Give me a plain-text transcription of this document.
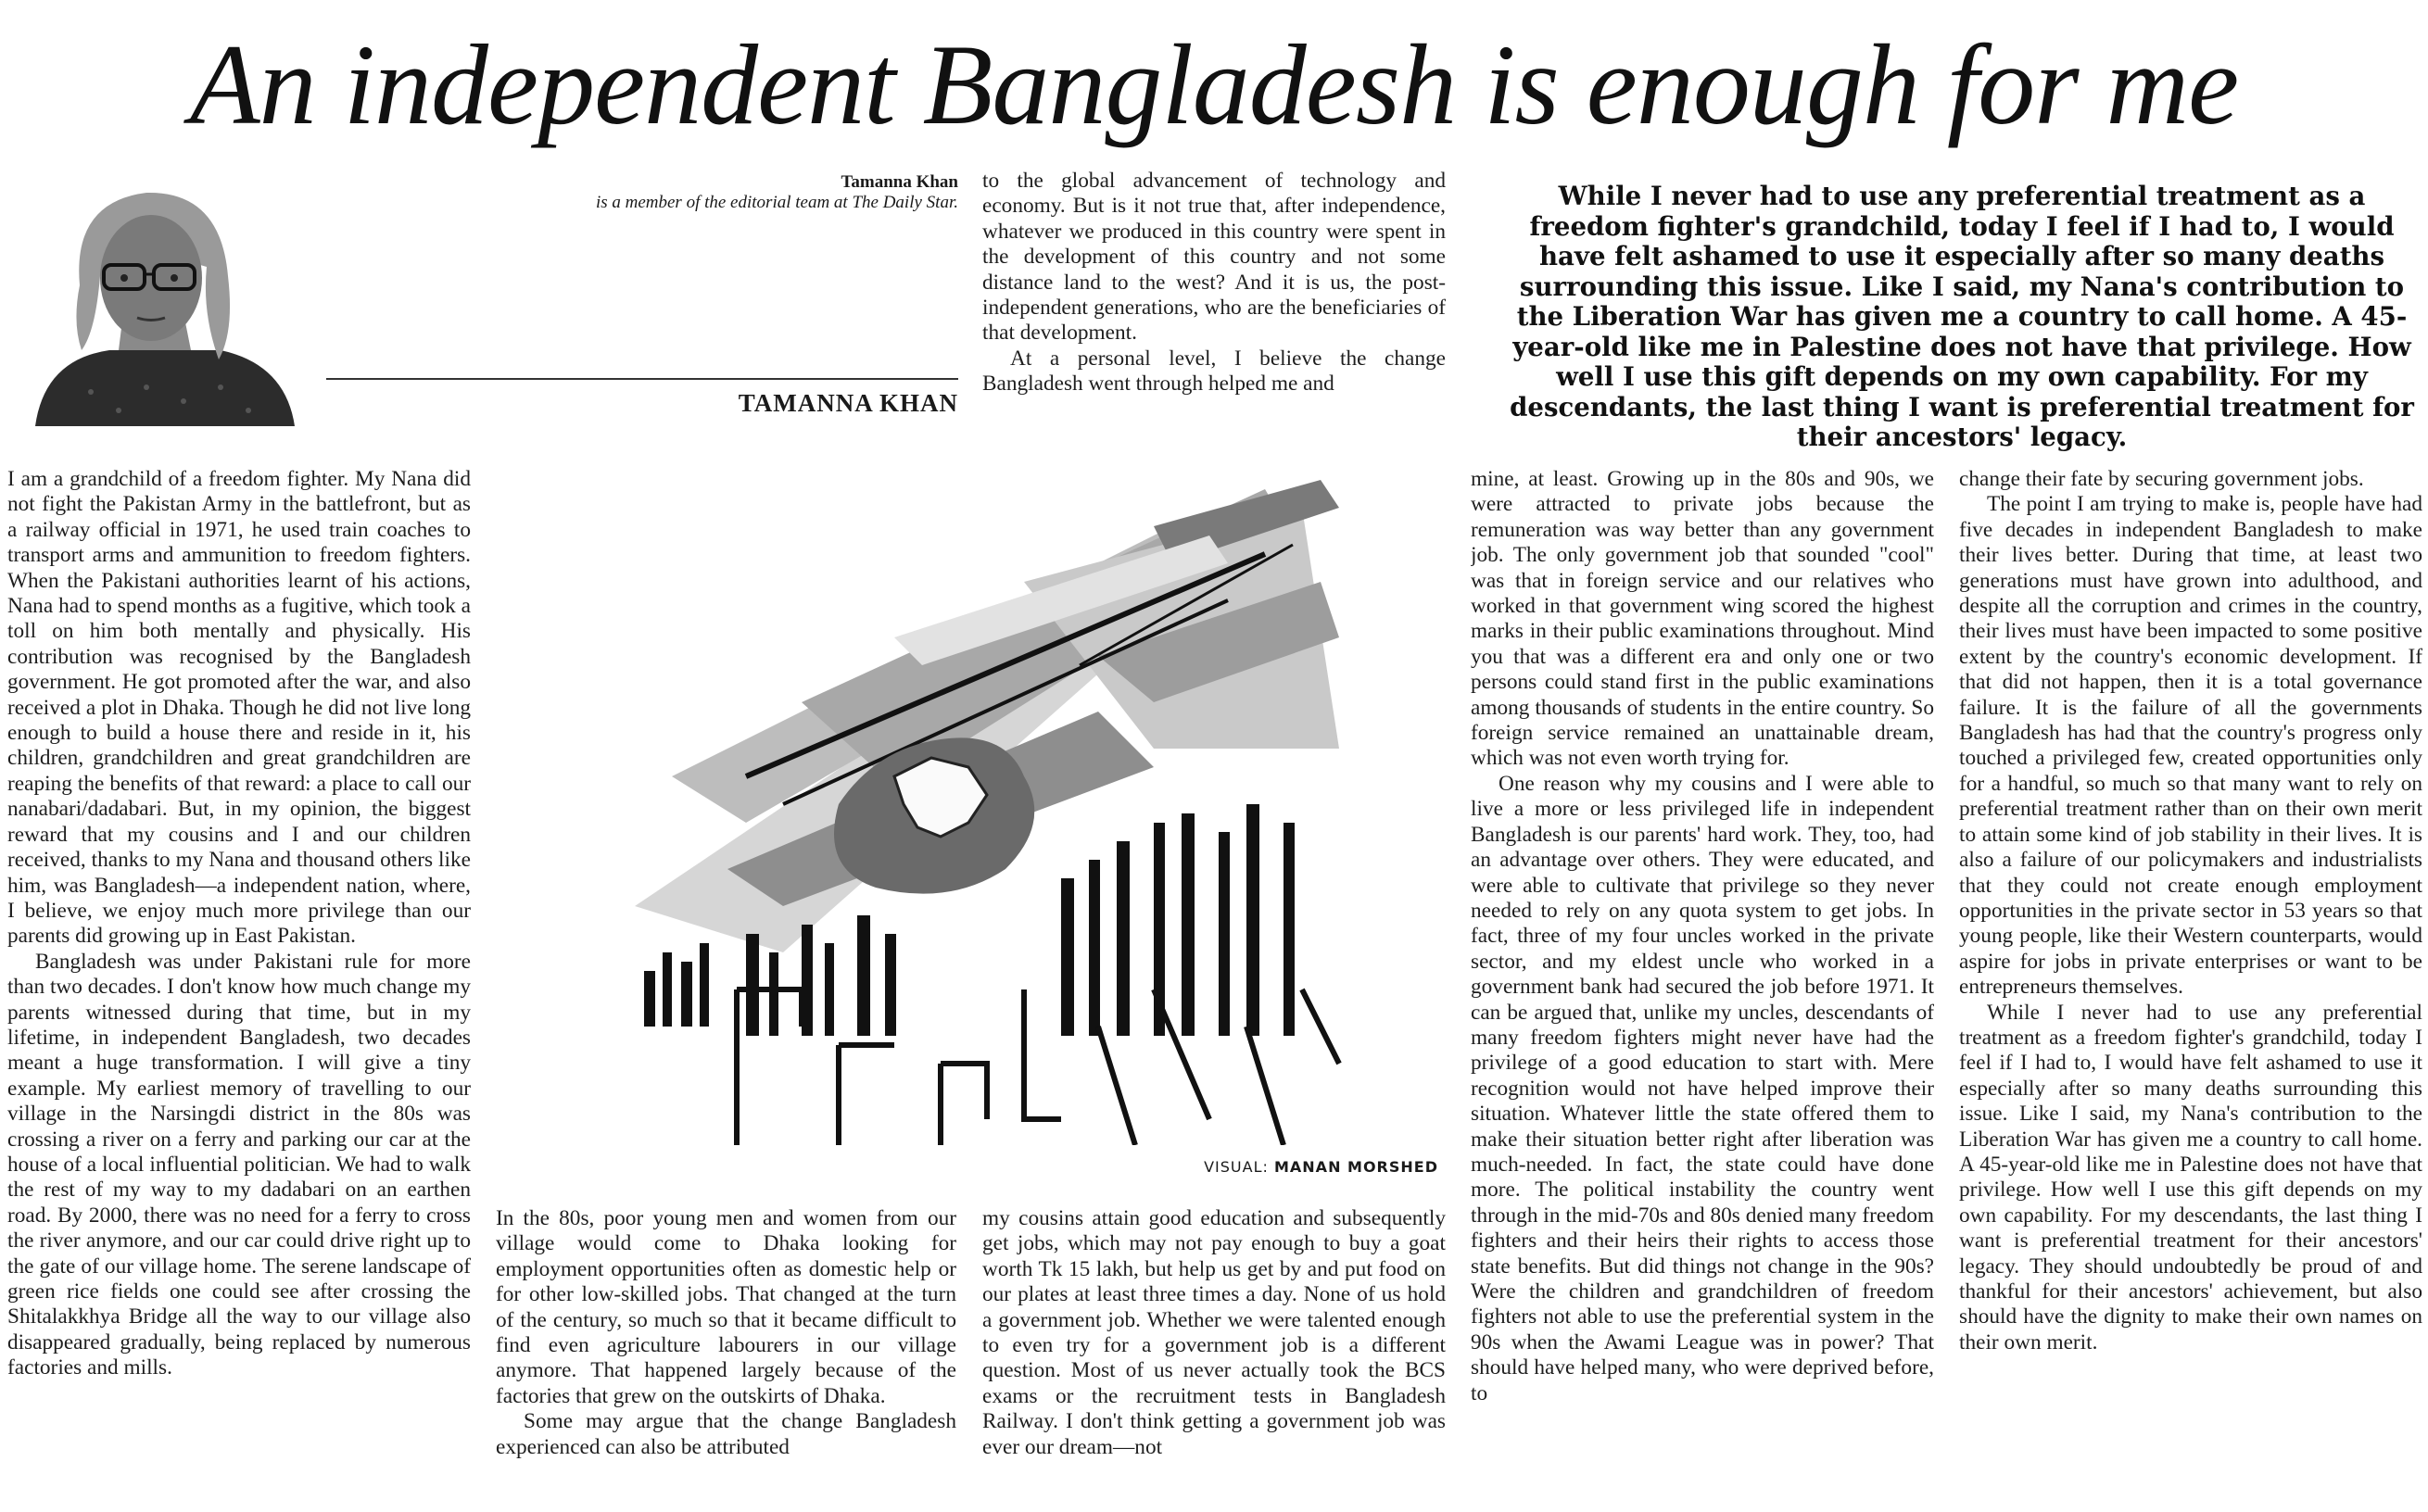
An independent Bangladesh is enough for me
Tamanna Khan
is a member of the editorial team at The Daily Star.
TAMANNA KHAN
While I never had to use any preferential treatment as a freedom fighter's grandchild, today I feel if I had to, I would have felt ashamed to use it especially after so many deaths surrounding this issue. Like I said, my Nana's contribution to the Liberation War has given me a country to call home. A 45-year-old like me in Palestine does not have that privilege. How well I use this gift depends on my own capability. For my descendants, the last thing I want is preferential treatment for their ancestors' legacy.

I am a grandchild of a freedom fighter. My Nana did not fight the Pakistan Army in the battlefront, but as a railway official in 1971, he used train coaches to transport arms and ammunition to freedom fighters. When the Pakistani authorities learnt of his actions, Nana had to spend months as a fugitive, which took a toll on him both mentally and physically. His contribution was recognised by the Bangladesh government. He got promoted after the war, and also received a plot in Dhaka. Though he did not live long enough to build a house there and reside in it, his children, grandchildren and great grandchildren are reaping the benefits of that reward: a place to call our nanabari/dadabari. But, in my opinion, the biggest reward that my cousins and I and our children received, thanks to my Nana and thousand others like him, was Bangladesh—a independent nation, where, I believe, we enjoy much more privilege than our parents did growing up in East Pakistan.

Bangladesh was under Pakistani rule for more than two decades. I don't know how much change my parents witnessed during that time, but in my lifetime, in independent Bangladesh, two decades meant a huge transformation. I will give a tiny example. My earliest memory of travelling to our village in the Narsingdi district in the 80s was crossing a river on a ferry and parking our car at the house of a local influential politician. We had to walk the rest of my way to my dadabari on an earthen road. By 2000, there was no need for a ferry to cross the river anymore, and our car could drive right up to the gate of our village home. The serene landscape of green rice fields one could see after crossing the Shitalakkhya Bridge all the way to our village also disappeared gradually, being replaced by numerous factories and mills.

In the 80s, poor young men and women from our village would come to Dhaka looking for employment opportunities often as domestic help or for other low-skilled jobs. That changed at the turn of the century, so much so that it became difficult to find even agriculture labourers in our village anymore. That happened largely because of the factories that grew on the outskirts of Dhaka.

Some may argue that the change Bangladesh experienced can also be attributed

to the global advancement of technology and economy. But is it not true that, after independence, whatever we produced in this country were spent in the development of this country and not some distance land to the west? And it is us, the post-independent generations, who are the beneficiaries of that development.

At a personal level, I believe the change Bangladesh went through helped me and

my cousins attain good education and subsequently get jobs, which may not pay enough to buy a goat worth Tk 15 lakh, but help us get by and put food on our plates at least three times a day. None of us hold a government job. Whether we were talented enough to even try for a government job is a different question. Most of us never actually took the BCS exams or the recruitment tests in Bangladesh Railway. I don't think getting a government job was ever our dream—not

mine, at least. Growing up in the 80s and 90s, we were attracted to private jobs because the remuneration was way better than any government job. The only government job that sounded "cool" was that in foreign service and our relatives who worked in that government wing scored the highest marks in their public examinations throughout. Mind you that was a different era and only one or two persons could stand first in the public examinations among thousands of students in the entire country. So foreign service remained an unattainable dream, which was not even worth trying for.

One reason why my cousins and I were able to live a more or less privileged life in independent Bangladesh is our parents' hard work. They, too, had an advantage over others. They were educated, and were able to cultivate that privilege so they never needed to rely on any quota system to get jobs. In fact, three of my four uncles worked in the private sector, and my eldest uncle who worked in a government bank had secured the job before 1971. It can be argued that, unlike my uncles, descendants of many freedom fighters might never have had the privilege of a good education to start with. Mere recognition would not have helped improve their situation. Whatever little the state offered them to make their situation better right after liberation was much-needed. In fact, the state could have done more. The political instability the country went through in the mid-70s and 80s denied many freedom fighters and their heirs their rights to access those state benefits. But did things not change in the 90s? Were the children and grandchildren of freedom fighters not able to use the preferential system in the 90s when the Awami League was in power? That should have helped many, who were deprived before, to

change their fate by securing government jobs.

The point I am trying to make is, people have had five decades in independent Bangladesh to make their lives better. During that time, at least two generations must have grown into adulthood, and despite all the corruption and crimes in the country, their lives must have been impacted to some positive extent by the country's economic development. If that did not happen, then it is a total governance failure. It is the failure of all the governments Bangladesh has had that the country's progress only touched a privileged few, created opportunities only for a handful, so much so that many want to rely on preferential treatment rather than on their own merit to attain some kind of job stability in their lives. It is also a failure of our policymakers and industrialists that they could not create enough employment opportunities in the private sector in 53 years so that young people, like their Western counterparts, would aspire for jobs in private enterprises or want to be entrepreneurs themselves.

While I never had to use any preferential treatment as a freedom fighter's grandchild, today I feel if I had to, I would have felt ashamed to use it especially after so many deaths surrounding this issue. Like I said, my Nana's contribution to the Liberation War has given me a country to call home. A 45-year-old like me in Palestine does not have that privilege. How well I use this gift depends on my own capability. For my descendants, the last thing I want is preferential treatment for their ancestors' legacy. They should undoubtedly be proud of and thankful for their ancestors' achievement, but also should have the dignity to make their own names on their own merit.

VISUAL: MANAN MORSHED
